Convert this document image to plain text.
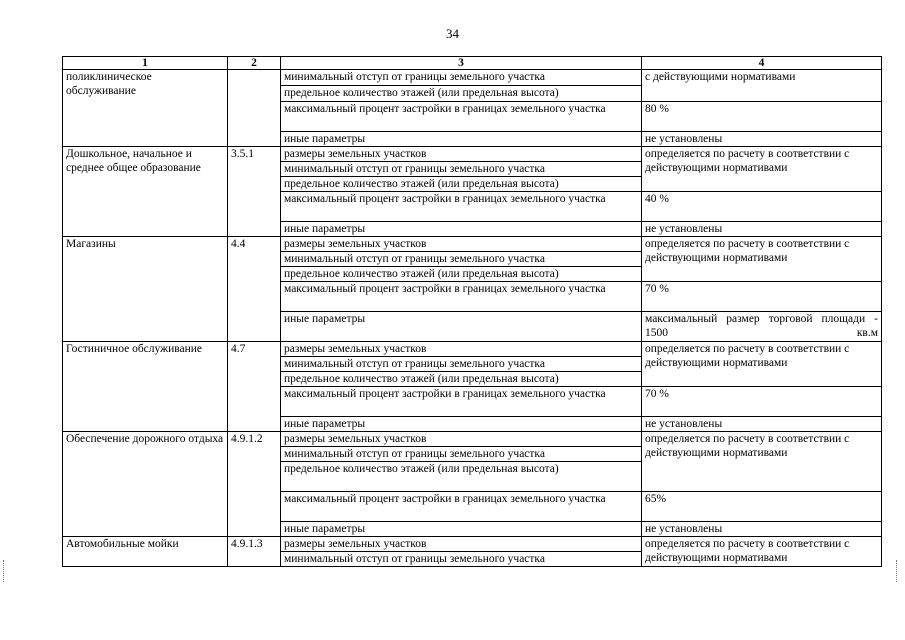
34
1	2	3	4
поликлиническое обслуживание		минимальный отступ от границы земельного участка	с действующими нормативами
		предельное количество этажей (или предельная высота)	
		максимальный процент застройки в границах земельного участка	80 %
		иные параметры	не установлены
Дошкольное, начальное и среднее общее образование	3.5.1	размеры земельных участков	определяется по расчету в соответствии с действующими нормативами
		минимальный отступ от границы земельного участка	
		предельное количество этажей (или предельная высота)	
		максимальный процент застройки в границах земельного участка	40 %
		иные параметры	не установлены
Магазины	4.4	размеры земельных участков	определяется по расчету в соответствии с действующими нормативами
		минимальный отступ от границы земельного участка	
		предельное количество этажей (или предельная высота)	
		максимальный процент застройки в границах земельного участка	70 %
		иные параметры	максимальный размер торговой площади - 1500 кв.м
Гостиничное обслуживание	4.7	размеры земельных участков	определяется по расчету в соответствии с действующими нормативами
		минимальный отступ от границы земельного участка	
		предельное количество этажей (или предельная высота)	
		максимальный процент застройки в границах земельного участка	70 %
		иные параметры	не установлены
Обеспечение дорожного отдыха	4.9.1.2	размеры земельных участков	определяется по расчету в соответствии с действующими нормативами
		минимальный отступ от границы земельного участка	
		предельное количество этажей (или предельная высота)	
		максимальный процент застройки в границах земельного участка	65%
		иные параметры	не установлены
Автомобильные мойки	4.9.1.3	размеры земельных участков	определяется по расчету в соответствии с действующими нормативами
		минимальный отступ от границы земельного участка	
